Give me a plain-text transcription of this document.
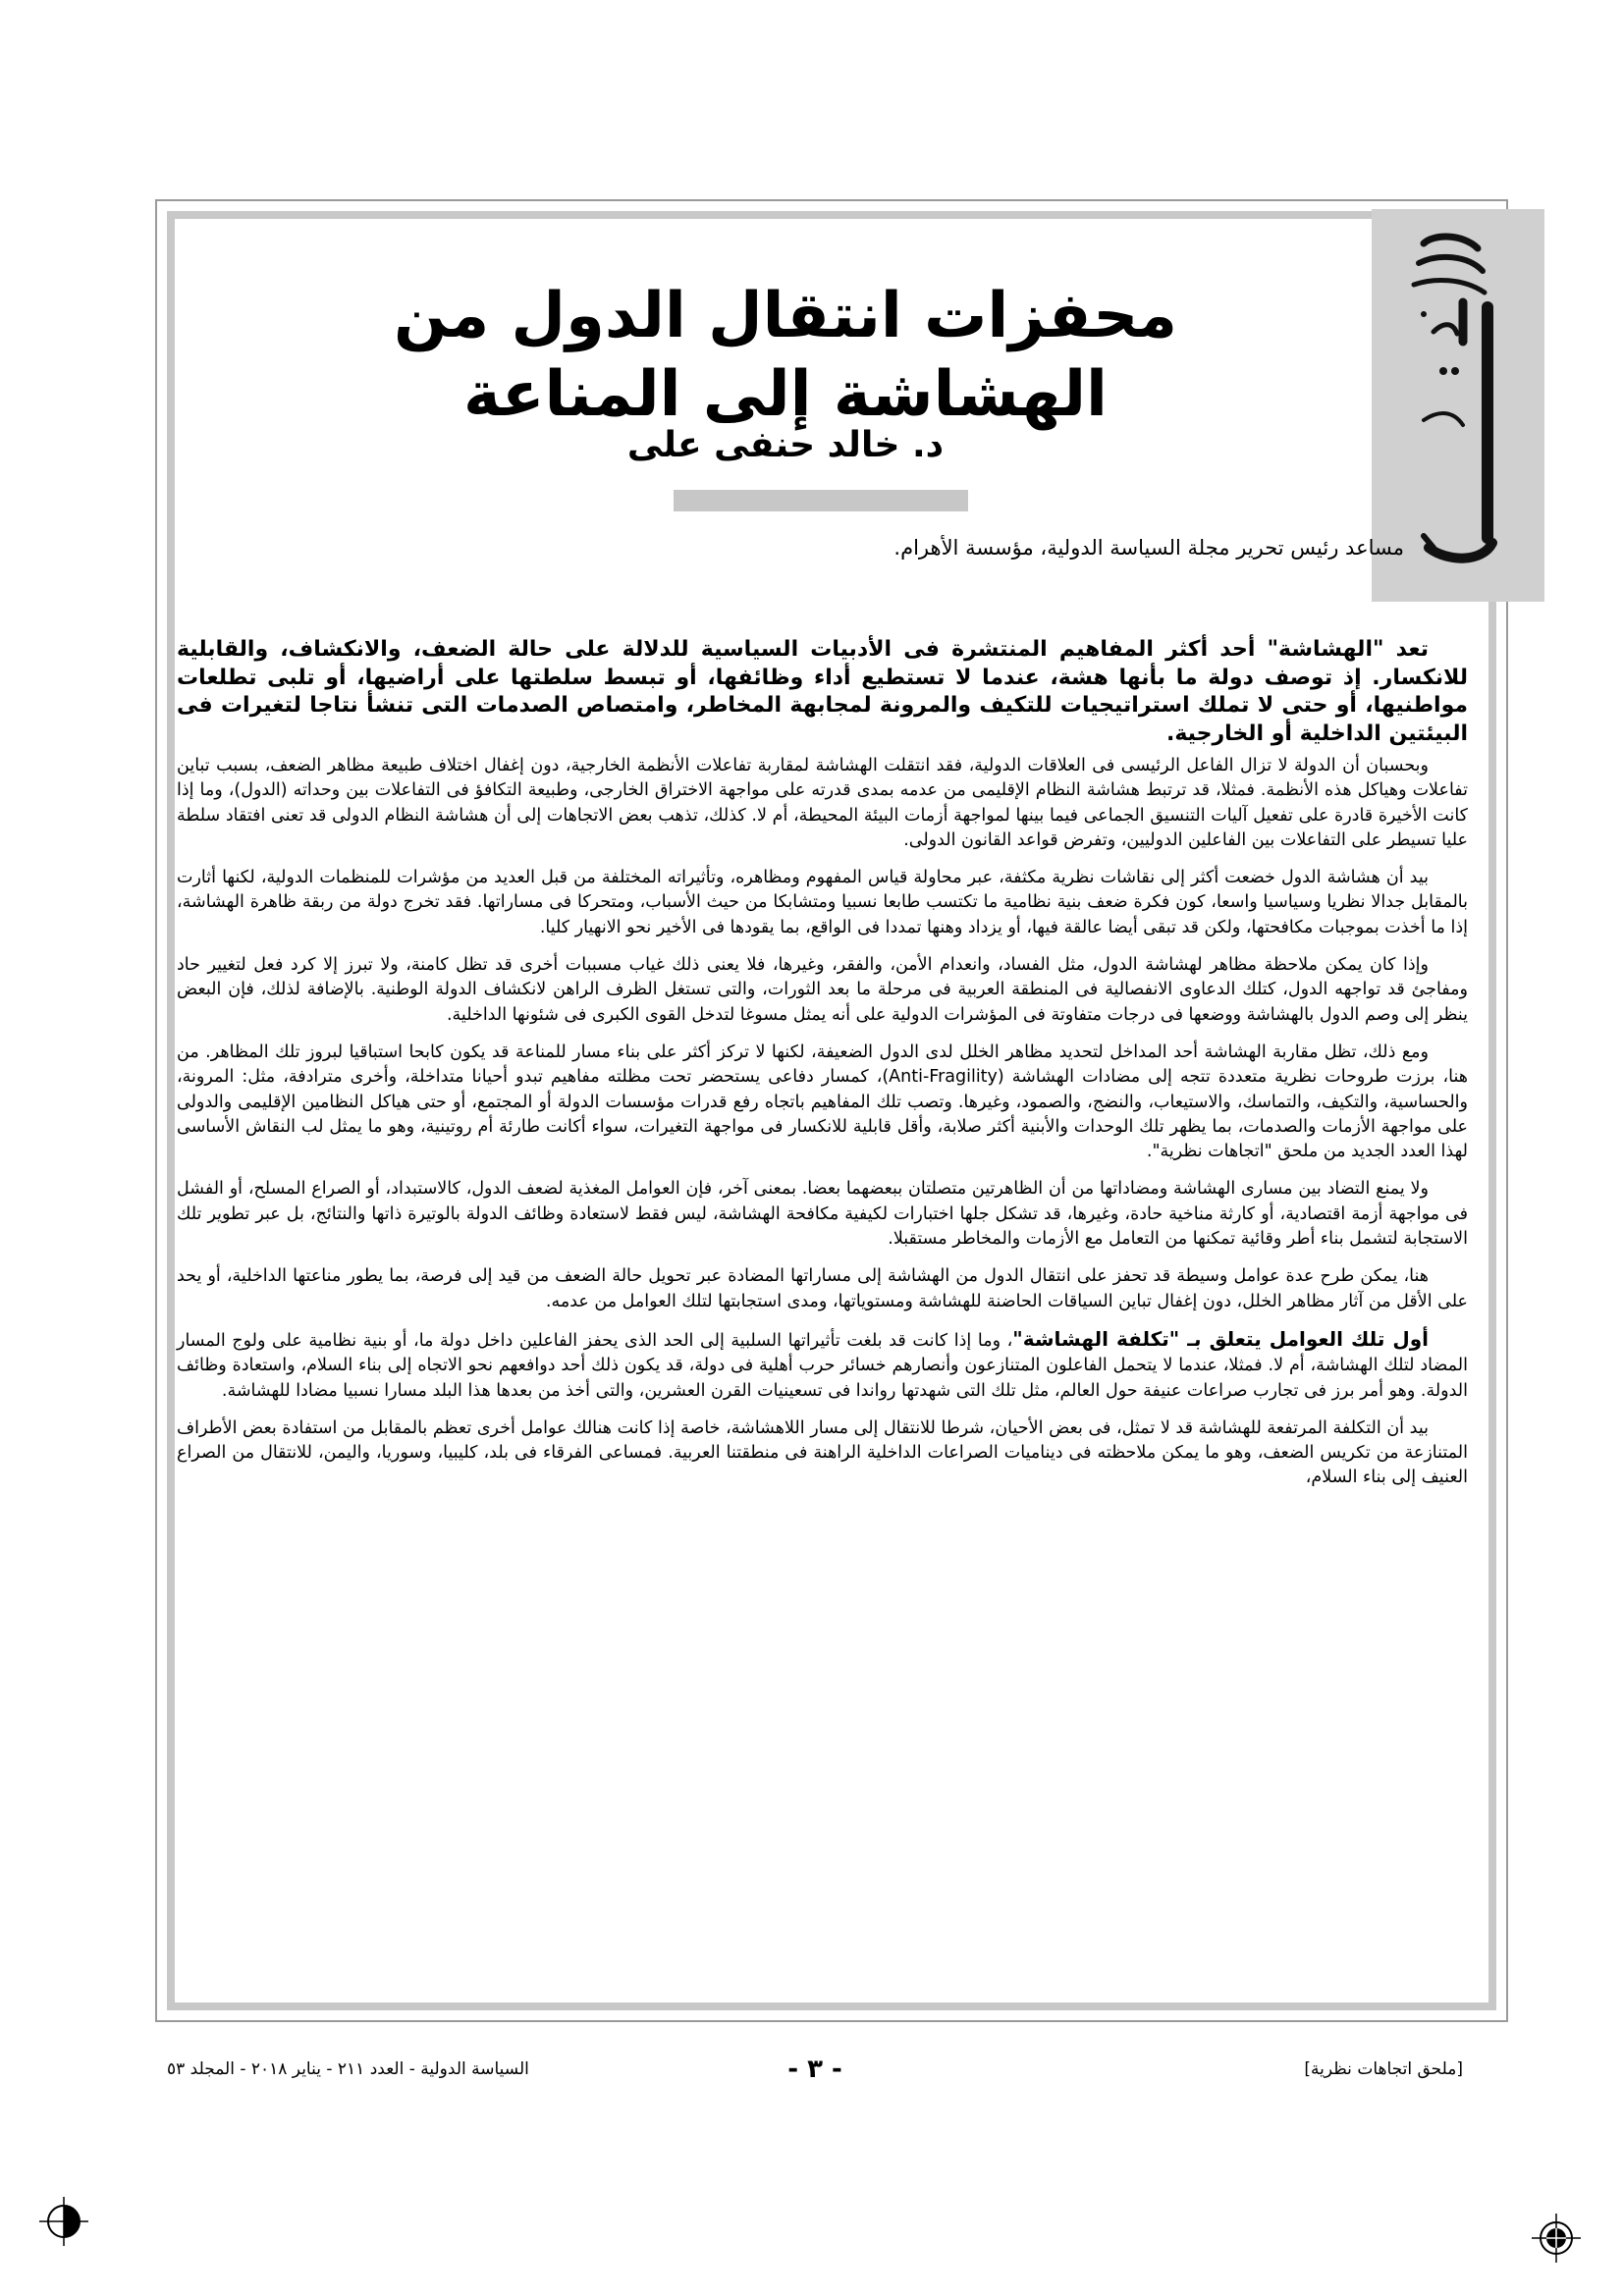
محفزات انتقال الدول من الهشاشة إلى المناعة
د. خالد حنفى على
مساعد رئيس تحرير مجلة السياسة الدولية، مؤسسة الأهرام.

تعد "الهشاشة" أحد أكثر المفاهيم المنتشرة فى الأدبيات السياسية للدلالة على حالة الضعف، والانكشاف، والقابلية للانكسار. إذ توصف دولة ما بأنها هشة، عندما لا تستطيع أداء وظائفها، أو تبسط سلطتها على أراضيها، أو تلبى تطلعات مواطنيها، أو حتى لا تملك استراتيجيات للتكيف والمرونة لمجابهة المخاطر، وامتصاص الصدمات التى تنشأ نتاجا لتغيرات فى البيئتين الداخلية أو الخارجية.

وبحسبان أن الدولة لا تزال الفاعل الرئيسى فى العلاقات الدولية، فقد انتقلت الهشاشة لمقاربة تفاعلات الأنظمة الخارجية، دون إغفال اختلاف طبيعة مظاهر الضعف، بسبب تباين تفاعلات وهياكل هذه الأنظمة. فمثلا، قد ترتبط هشاشة النظام الإقليمى من عدمه بمدى قدرته على مواجهة الاختراق الخارجى، وطبيعة التكافؤ فى التفاعلات بين وحداته (الدول)، وما إذا كانت الأخيرة قادرة على تفعيل آليات التنسيق الجماعى فيما بينها لمواجهة أزمات البيئة المحيطة، أم لا. كذلك، تذهب بعض الاتجاهات إلى أن هشاشة النظام الدولى قد تعنى افتقاد سلطة عليا تسيطر على التفاعلات بين الفاعلين الدوليين، وتفرض قواعد القانون الدولى.

بيد أن هشاشة الدول خضعت أكثر إلى نقاشات نظرية مكثفة، عبر محاولة قياس المفهوم ومظاهره، وتأثيراته المختلفة من قبل العديد من مؤشرات للمنظمات الدولية، لكنها أثارت بالمقابل جدالا نظريا وسياسيا واسعا، كون فكرة ضعف بنية نظامية ما تكتسب طابعا نسبيا ومتشابكا من حيث الأسباب، ومتحركا فى مساراتها. فقد تخرج دولة من ربقة ظاهرة الهشاشة، إذا ما أخذت بموجبات مكافحتها، ولكن قد تبقى أيضا عالقة فيها، أو يزداد وهنها تمددا فى الواقع، بما يقودها فى الأخير نحو الانهيار كليا.

وإذا كان يمكن ملاحظة مظاهر لهشاشة الدول، مثل الفساد، وانعدام الأمن، والفقر، وغيرها، فلا يعنى ذلك غياب مسببات أخرى قد تظل كامنة، ولا تبرز إلا كرد فعل لتغيير حاد ومفاجئ قد تواجهه الدول، كتلك الدعاوى الانفصالية فى المنطقة العربية فى مرحلة ما بعد الثورات، والتى تستغل الظرف الراهن لانكشاف الدولة الوطنية. بالإضافة لذلك، فإن البعض ينظر إلى وصم الدول بالهشاشة ووضعها فى درجات متفاوتة فى المؤشرات الدولية على أنه يمثل مسوغا لتدخل القوى الكبرى فى شئونها الداخلية.

ومع ذلك، تظل مقاربة الهشاشة أحد المداخل لتحديد مظاهر الخلل لدى الدول الضعيفة، لكنها لا تركز أكثر على بناء مسار للمناعة قد يكون كابحا استباقيا لبروز تلك المظاهر. من هنا، برزت طروحات نظرية متعددة تتجه إلى مضادات الهشاشة (Anti-Fragility)، كمسار دفاعى يستحضر تحت مظلته مفاهيم تبدو أحيانا متداخلة، وأخرى مترادفة، مثل: المرونة، والحساسية، والتكيف، والتماسك، والاستيعاب، والنضج، والصمود، وغيرها. وتصب تلك المفاهيم باتجاه رفع قدرات مؤسسات الدولة أو المجتمع، أو حتى هياكل النظامين الإقليمى والدولى على مواجهة الأزمات والصدمات، بما يظهر تلك الوحدات والأبنية أكثر صلابة، وأقل قابلية للانكسار فى مواجهة التغيرات، سواء أكانت طارئة أم روتينية، وهو ما يمثل لب النقاش الأساسى لهذا العدد الجديد من ملحق "اتجاهات نظرية".

ولا يمنع التضاد بين مسارى الهشاشة ومضاداتها من أن الظاهرتين متصلتان ببعضهما بعضا. بمعنى آخر، فإن العوامل المغذية لضعف الدول، كالاستبداد، أو الصراع المسلح، أو الفشل فى مواجهة أزمة اقتصادية، أو كارثة مناخية حادة، وغيرها، قد تشكل جلها اختبارات لكيفية مكافحة الهشاشة، ليس فقط لاستعادة وظائف الدولة بالوتيرة ذاتها والنتائج، بل عبر تطوير تلك الاستجابة لتشمل بناء أطر وقائية تمكنها من التعامل مع الأزمات والمخاطر مستقبلا.

هنا، يمكن طرح عدة عوامل وسيطة قد تحفز على انتقال الدول من الهشاشة إلى مساراتها المضادة عبر تحويل حالة الضعف من قيد إلى فرصة، بما يطور مناعتها الداخلية، أو يحد على الأقل من آثار مظاهر الخلل، دون إغفال تباين السياقات الحاضنة للهشاشة ومستوياتها، ومدى استجابتها لتلك العوامل من عدمه.

أول تلك العوامل يتعلق بـ "تكلفة الهشاشة"، وما إذا كانت قد بلغت تأثيراتها السلبية إلى الحد الذى يحفز الفاعلين داخل دولة ما، أو بنية نظامية على ولوج المسار المضاد لتلك الهشاشة، أم لا. فمثلا، عندما لا يتحمل الفاعلون المتنازعون وأنصارهم خسائر حرب أهلية فى دولة، قد يكون ذلك أحد دوافعهم نحو الاتجاه إلى بناء السلام، واستعادة وظائف الدولة. وهو أمر برز فى تجارب صراعات عنيفة حول العالم، مثل تلك التى شهدتها رواندا فى تسعينيات القرن العشرين، والتى أخذ من بعدها هذا البلد مسارا نسبيا مضادا للهشاشة.

بيد أن التكلفة المرتفعة للهشاشة قد لا تمثل، فى بعض الأحيان، شرطا للانتقال إلى مسار اللاهشاشة، خاصة إذا كانت هنالك عوامل أخرى تعظم بالمقابل من استفادة بعض الأطراف المتنازعة من تكريس الضعف، وهو ما يمكن ملاحظته فى ديناميات الصراعات الداخلية الراهنة فى منطقتنا العربية. فمساعى الفرقاء فى بلد، كليبيا، وسوريا، واليمن، للانتقال من الصراع العنيف إلى بناء السلام،

[ملحق اتجاهات نظرية]
- ٣ -
السياسة الدولية - العدد ٢١١ - يناير ٢٠١٨ - المجلد ٥٣
